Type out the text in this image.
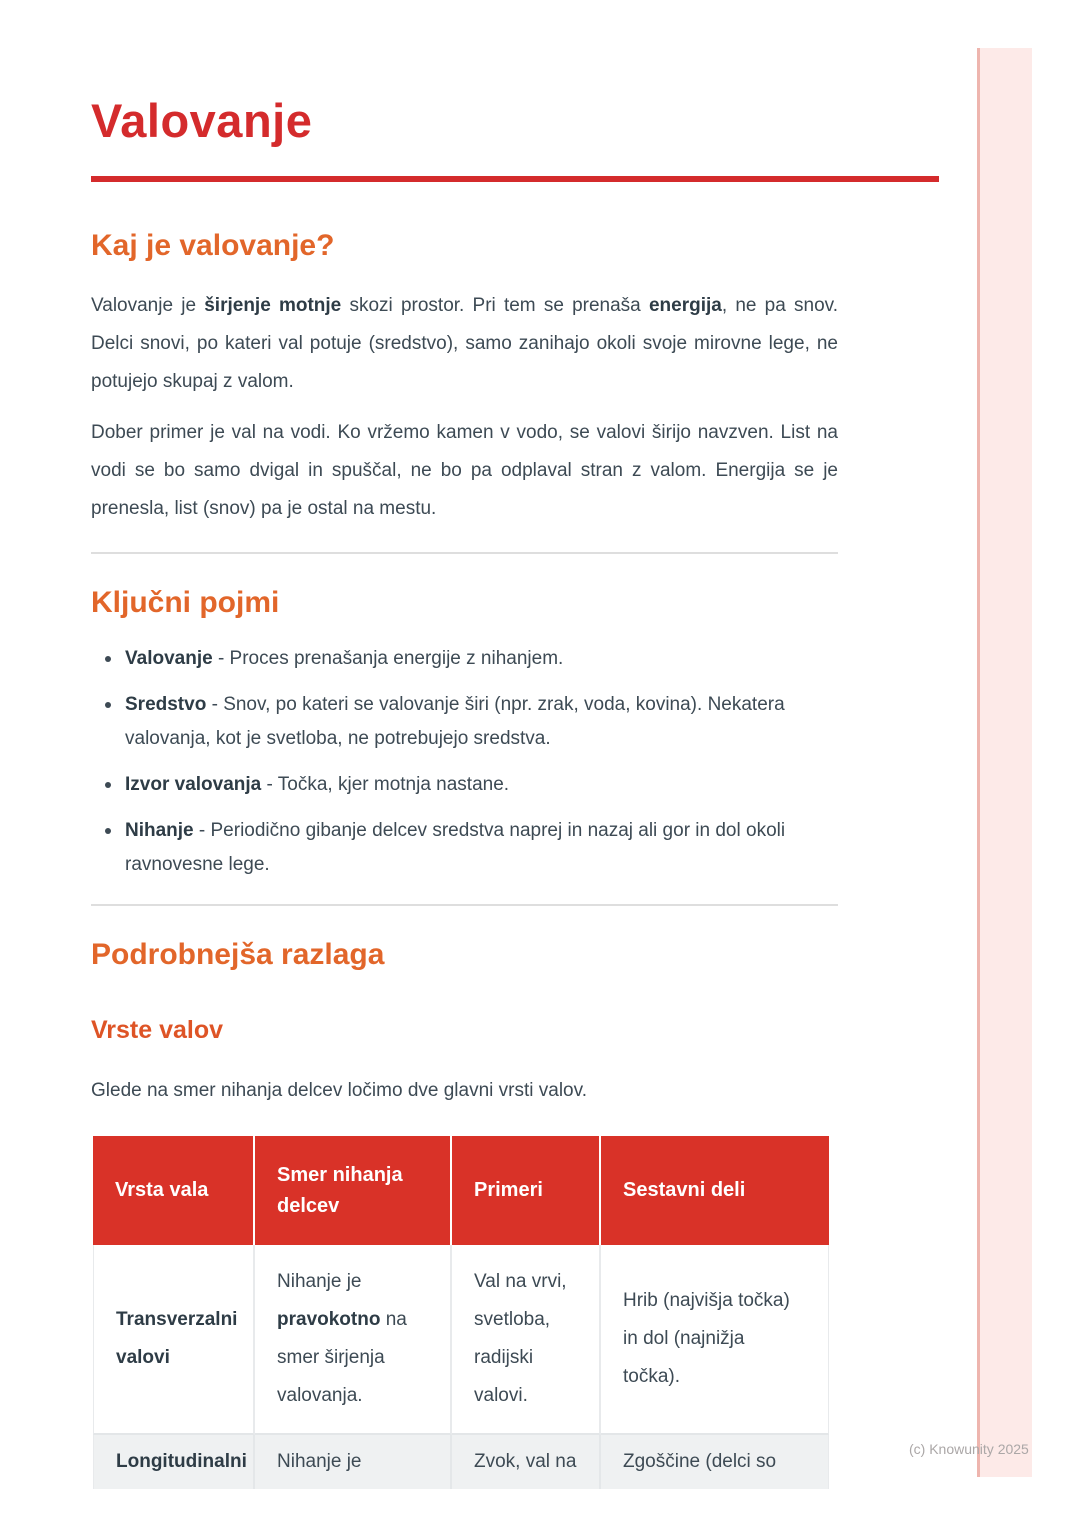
Valovanje
Kaj je valovanje?
Valovanje je širjenje motnje skozi prostor. Pri tem se prenaša energija, ne pa snov. Delci snovi, po kateri val potuje (sredstvo), samo zanihajo okoli svoje mirovne lege, ne potujejo skupaj z valom.
Dober primer je val na vodi. Ko vržemo kamen v vodo, se valovi širijo navzven. List na vodi se bo samo dvigal in spuščal, ne bo pa odplaval stran z valom. Energija se je prenesla, list (snov) pa je ostal na mestu.
Ključni pojmi
Valovanje - Proces prenašanja energije z nihanjem.
Sredstvo - Snov, po kateri se valovanje širi (npr. zrak, voda, kovina). Nekatera valovanja, kot je svetloba, ne potrebujejo sredstva.
Izvor valovanja - Točka, kjer motnja nastane.
Nihanje - Periodično gibanje delcev sredstva naprej in nazaj ali gor in dol okoli ravnovesne lege.
Podrobnejša razlaga
Vrste valov
Glede na smer nihanja delcev ločimo dve glavni vrsti valov.
Vrsta vala
Smer nihanja delcev
Primeri	Sestavni deli
Transverzalni valovi
Nihanje je pravokotno na smer širjenja valovanja.
Val na vrvi, svetloba, radijski valovi.
Hrib (najvišja točka) in dol (najnižja točka).
Longitudinalni Nihanje je	Zvok, val na Zgoščine (delci so
(c) Knowunity 2025
